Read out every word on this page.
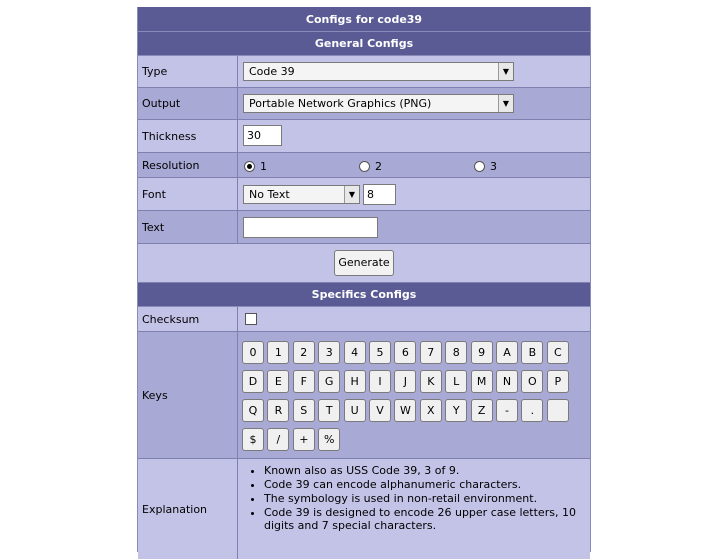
Configs for code39
General Configs
Type	Code 39	▼
Output	Portable Network Graphics (PNG)	▼
Thickness	30
Resolution	1	2	3
Font	No Text	▼	8
Text
Generate
Specifics Configs
Checksum
Keys
0	1	2	3	4	5	6	7	8	9	A	B	C
D	E	F	G	H	I	J	K	L	M	N	O	P
Q	R	S	T	U	V	W	X	Y	Z	-	.
$	/	+	%
Explanation
• Known also as USS Code 39, 3 of 9.
• Code 39 can encode alphanumeric characters.
• The symbology is used in non-retail environment.
• Code 39 is designed to encode 26 upper case letters, 10 digits and 7 special characters.
